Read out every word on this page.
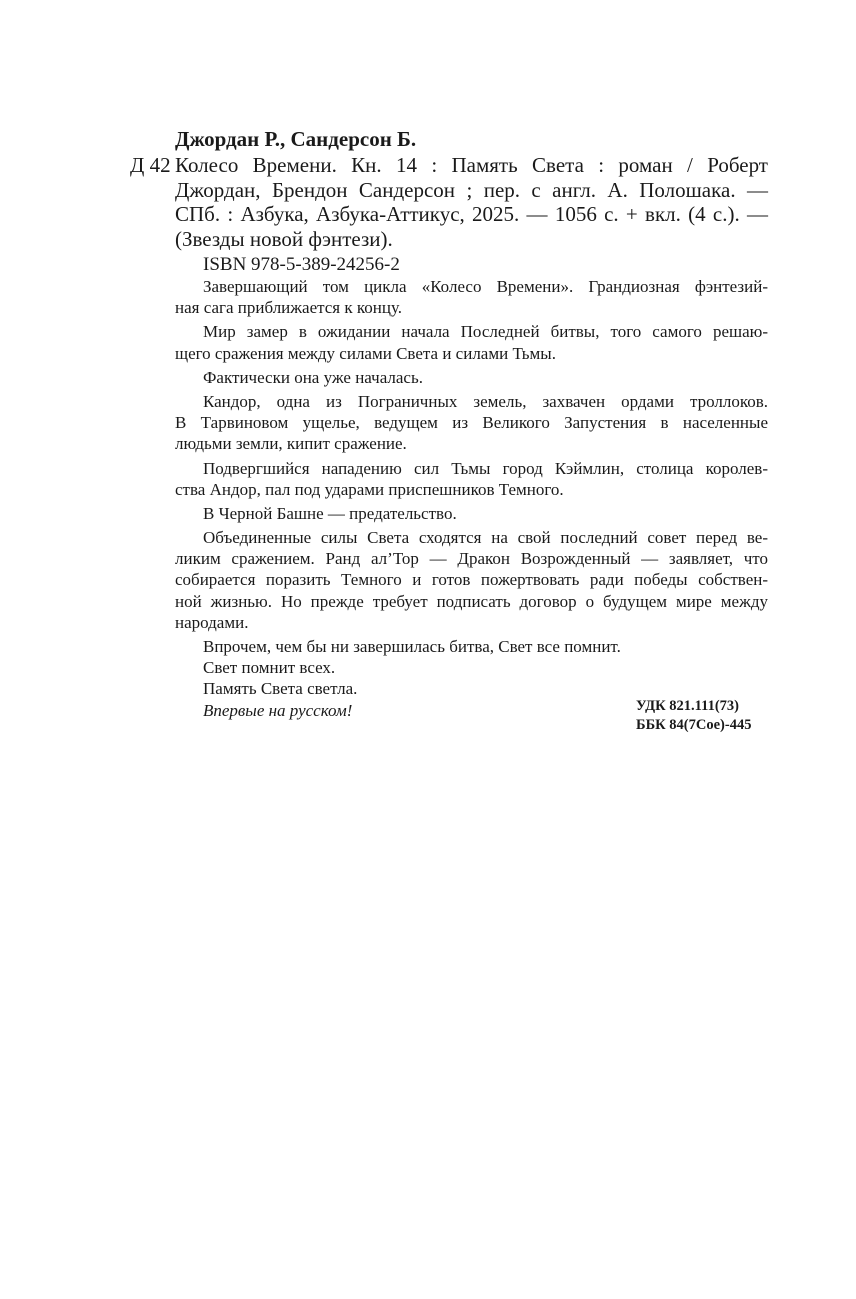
Джордан Р., Сандерсон Б.
Д 42 Колесо Времени. Кн. 14 : Память Света : роман / Роберт
Джордан, Брендон Сандерсон ; пер. с англ. А. Полошака. —
СПб. : Азбука, Азбука-Аттикус, 2025. — 1056 с. + вкл. (4 с.). —
(Звезды новой фэнтези).
ISBN 978-5-389-24256-2
Завершающий том цикла «Колесо Времени». Грандиозная фэнтезий-
ная сага приближается к концу.
Мир замер в ожидании начала Последней битвы, того самого решаю-
щего сражения между силами Света и силами Тьмы.
Фактически она уже началась.
Кандор, одна из Пограничных земель, захвачен ордами троллоков.
В Тарвиновом ущелье, ведущем из Великого Запустения в населенные
людьми земли, кипит сражение.
Подвергшийся нападению сил Тьмы город Кэймлин, столица королев-
ства Андор, пал под ударами приспешников Темного.
В Черной Башне — предательство.
Объединенные силы Света сходятся на свой последний совет перед ве-
ликим сражением. Ранд ал’Тор — Дракон Возрожденный — заявляет, что
собирается поразить Темного и готов пожертвовать ради победы собствен-
ной жизнью. Но прежде требует подписать договор о будущем мире между
народами.
Впрочем, чем бы ни завершилась битва, Свет все помнит.
Свет помнит всех.
Память Света светла.
Впервые на русском!	УДК 821.111(73)
ББК 84(7Сое)-445
